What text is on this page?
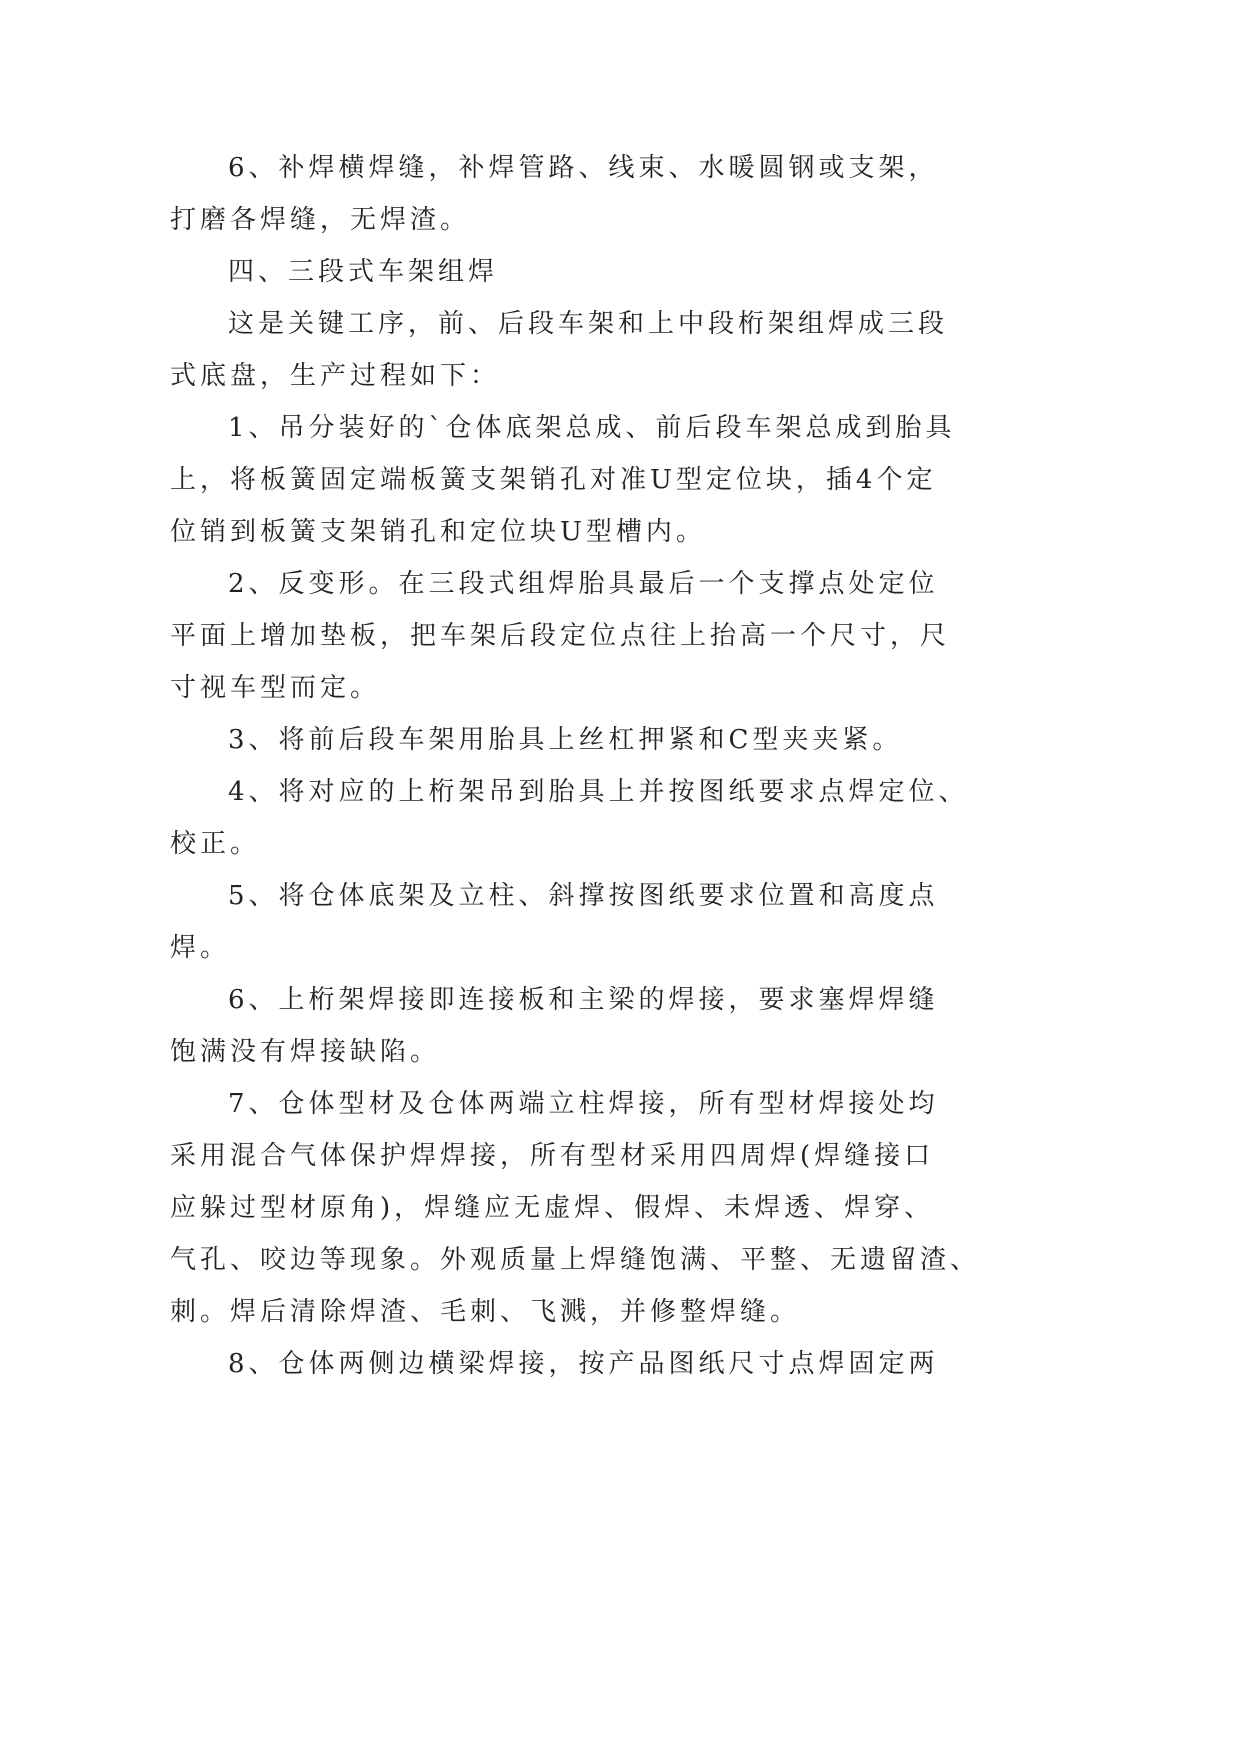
6、补焊横焊缝，补焊管路、线束、水暖圆钢或支架，
打磨各焊缝，无焊渣。
四、三段式车架组焊
这是关键工序，前、后段车架和上中段桁架组焊成三段
式底盘，生产过程如下：
1、吊分装好的`仓体底架总成、前后段车架总成到胎具
上，将板簧固定端板簧支架销孔对准U型定位块，插4个定
位销到板簧支架销孔和定位块U型槽内。
2、反变形。在三段式组焊胎具最后一个支撑点处定位
平面上增加垫板，把车架后段定位点往上抬高一个尺寸，尺
寸视车型而定。
3、将前后段车架用胎具上丝杠押紧和C型夹夹紧。
4、将对应的上桁架吊到胎具上并按图纸要求点焊定位、
校正。
5、将仓体底架及立柱、斜撑按图纸要求位置和高度点
焊。
6、上桁架焊接即连接板和主梁的焊接，要求塞焊焊缝
饱满没有焊接缺陷。
7、仓体型材及仓体两端立柱焊接，所有型材焊接处均
采用混合气体保护焊焊接，所有型材采用四周焊(焊缝接口
应躲过型材原角)，焊缝应无虚焊、假焊、未焊透、焊穿、
气孔、咬边等现象。外观质量上焊缝饱满、平整、无遗留渣、
刺。焊后清除焊渣、毛刺、飞溅，并修整焊缝。
8、仓体两侧边横梁焊接，按产品图纸尺寸点焊固定两
